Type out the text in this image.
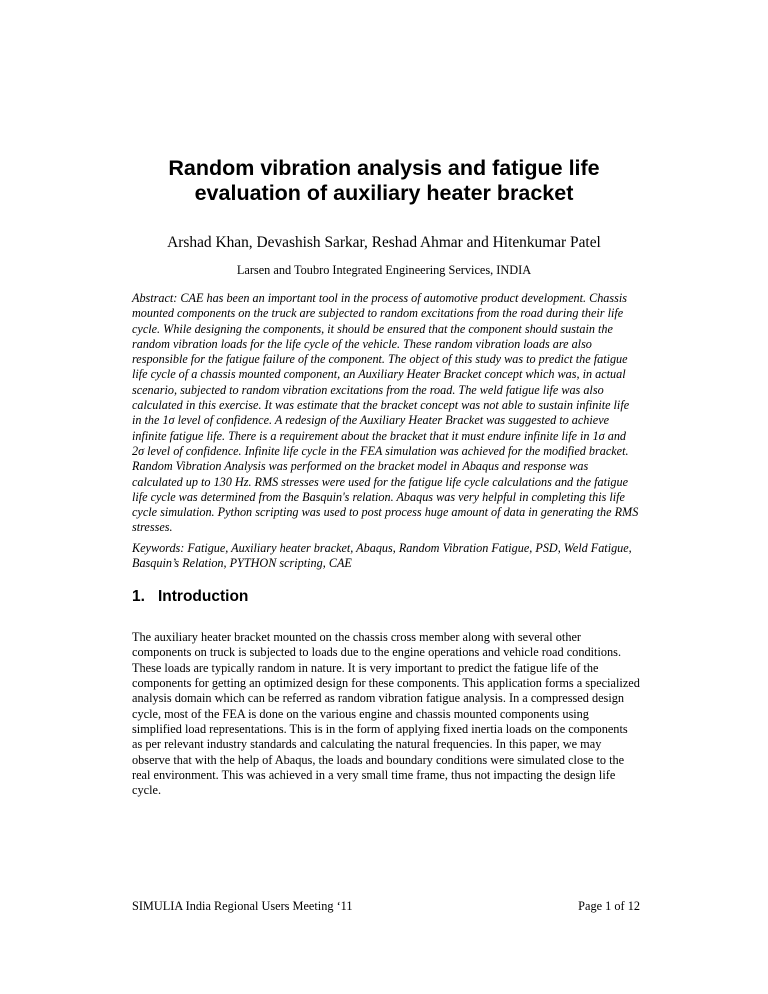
Random vibration analysis and fatigue life evaluation of auxiliary heater bracket
Arshad Khan, Devashish Sarkar, Reshad Ahmar and Hitenkumar Patel
Larsen and Toubro Integrated Engineering Services, INDIA
Abstract: CAE has been an important tool in the process of automotive product development. Chassis mounted components on the truck are subjected to random excitations from the road during their life cycle. While designing the components, it should be ensured that the component should sustain the random vibration loads for the life cycle of the vehicle. These random vibration loads are also responsible for the fatigue failure of the component. The object of this study was to predict the fatigue life cycle of a chassis mounted component, an Auxiliary Heater Bracket concept which was, in actual scenario, subjected to random vibration excitations from the road. The weld fatigue life was also calculated in this exercise. It was estimate that the bracket concept was not able to sustain infinite life in the 1σ level of confidence. A redesign of the Auxiliary Heater Bracket was suggested to achieve infinite fatigue life. There is a requirement about the bracket that it must endure infinite life in 1σ and 2σ level of confidence. Infinite life cycle in the FEA simulation was achieved for the modified bracket. Random Vibration Analysis was performed on the bracket model in Abaqus and response was calculated up to 130 Hz. RMS stresses were used for the fatigue life cycle calculations and the fatigue life cycle was determined from the Basquin's relation. Abaqus was very helpful in completing this life cycle simulation. Python scripting was used to post process huge amount of data in generating the RMS stresses.
Keywords: Fatigue, Auxiliary heater bracket, Abaqus, Random Vibration Fatigue, PSD, Weld Fatigue, Basquin’s Relation, PYTHON scripting, CAE
1. Introduction
The auxiliary heater bracket mounted on the chassis cross member along with several other components on truck is subjected to loads due to the engine operations and vehicle road conditions. These loads are typically random in nature. It is very important to predict the fatigue life of the components for getting an optimized design for these components. This application forms a specialized analysis domain which can be referred as random vibration fatigue analysis. In a compressed design cycle, most of the FEA is done on the various engine and chassis mounted components using simplified load representations. This is in the form of applying fixed inertia loads on the components as per relevant industry standards and calculating the natural frequencies. In this paper, we may observe that with the help of Abaqus, the loads and boundary conditions were simulated close to the real environment. This was achieved in a very small time frame, thus not impacting the design life cycle.
SIMULIA India Regional Users Meeting ‘11	Page 1 of 12
